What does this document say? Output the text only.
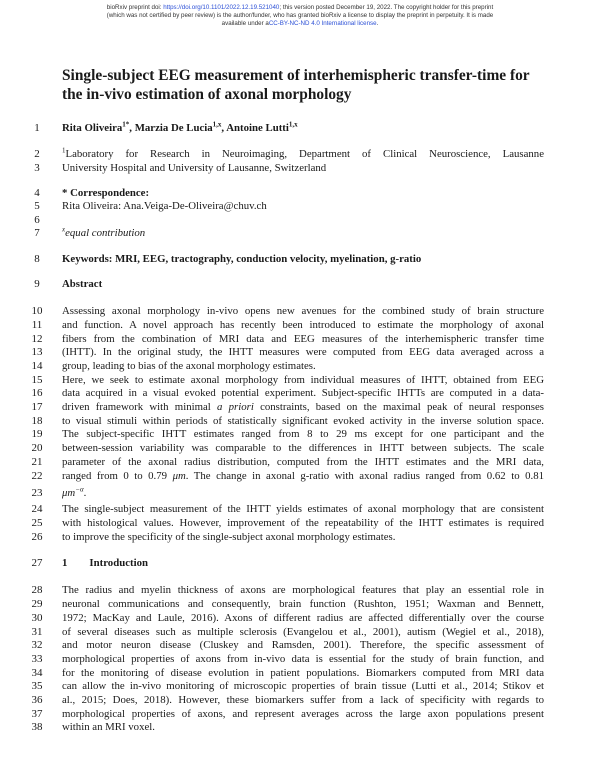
bioRxiv preprint doi: https://doi.org/10.1101/2022.12.19.521040; this version posted December 19, 2022. The copyright holder for this preprint
(which was not certified by peer review) is the author/funder, who has granted bioRxiv a license to display the preprint in perpetuity. It is made
available under aCC-BY-NC-ND 4.0 International license.
Single-subject EEG measurement of interhemispheric transfer-time for
the in-vivo estimation of axonal morphology
1
2
3
4
5
6
7
8
9
10
11
12
13
14
15
16
17
18
19
20
21
22
23
24
25
26
27
28
29
30
31
32
33
34
35
36
37
38
Rita Oliveira$^{1*}$, Marzia De Lucia$^{1,x}$, Antoine Lutti$^{1,x}$
$^1$Laboratory for Research in Neuroimaging, Department of Clinical Neuroscience, Lausanne
University Hospital and University of Lausanne, Switzerland
* Correspondence:
Rita Oliveira: Ana.Veiga-De-Oliveira@chuv.ch
$^x$equal contribution
Keywords: MRI, EEG, tractography, conduction velocity, myelination, g-ratio
Abstract
Assessing axonal morphology in-vivo opens new avenues for the combined study of brain structure
and function. A novel approach has recently been introduced to estimate the morphology of axonal
fibers from the combination of MRI data and EEG measures of the interhemispheric transfer time
(IHTT). In the original study, the IHTT measures were computed from EEG data averaged across a
group, leading to bias of the axonal morphology estimates.
Here, we seek to estimate axonal morphology from individual measures of IHTT, obtained from EEG
data acquired in a visual evoked potential experiment. Subject-specific IHTTs are computed in a data-
driven framework with minimal a priori constraints, based on the maximal peak of neural responses
to visual stimuli within periods of statistically significant evoked activity in the inverse solution space.
The subject-specific IHTT estimates ranged from 8 to 29 ms except for one participant and the
between-session variability was comparable to the differences in IHTT between subjects. The scale
parameter of the axonal radius distribution, computed from the IHTT estimates and the MRI data,
ranged from 0 to 0.79 μm. The change in axonal g-ratio with axonal radius ranged from 0.62 to 0.81
$\mu m^{-\alpha}$.
The single-subject measurement of the IHTT yields estimates of axonal morphology that are consistent
with histological values. However, improvement of the repeatability of the IHTT estimates is required
to improve the specificity of the single-subject axonal morphology estimates.
1 Introduction
The radius and myelin thickness of axons are morphological features that play an essential role in
neuronal communications and consequently, brain function (Rushton, 1951; Waxman and Bennett,
1972; MacKay and Laule, 2016). Axons of different radius are affected differentially over the course
of several diseases such as multiple sclerosis (Evangelou et al., 2001), autism (Wegiel et al., 2018),
and motor neuron disease (Cluskey and Ramsden, 2001). Therefore, the specific assessment of
morphological properties of axons from in-vivo data is essential for the study of brain function, and
for the monitoring of disease evolution in patient populations. Biomarkers computed from MRI data
can allow the in-vivo monitoring of microscopic properties of brain tissue (Lutti et al., 2014; Stikov et
al., 2015; Does, 2018). However, these biomarkers suffer from a lack of specificity with regards to
morphological properties of axons, and represent averages across the large axon populations present
within an MRI voxel.
